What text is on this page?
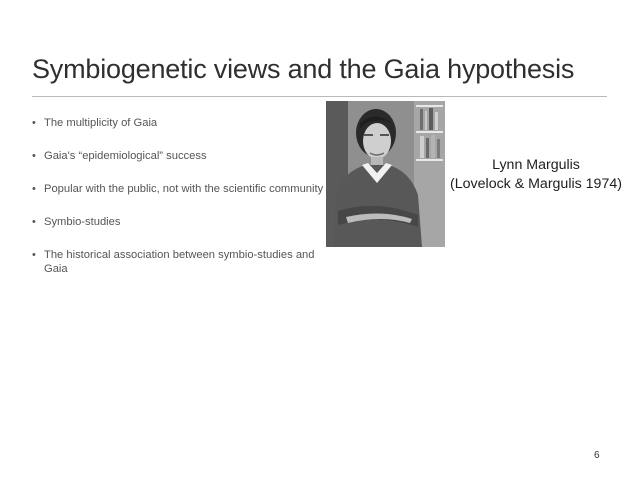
Symbiogenetic views and the Gaia hypothesis
• The multiplicity of Gaia
• Gaia's “epidemiological” success
• Popular with the public, not with the scientific community
• Symbio-studies
• The historical association between symbio-studies and Gaia
Lynn Margulis
(Lovelock & Margulis 1974)
6
